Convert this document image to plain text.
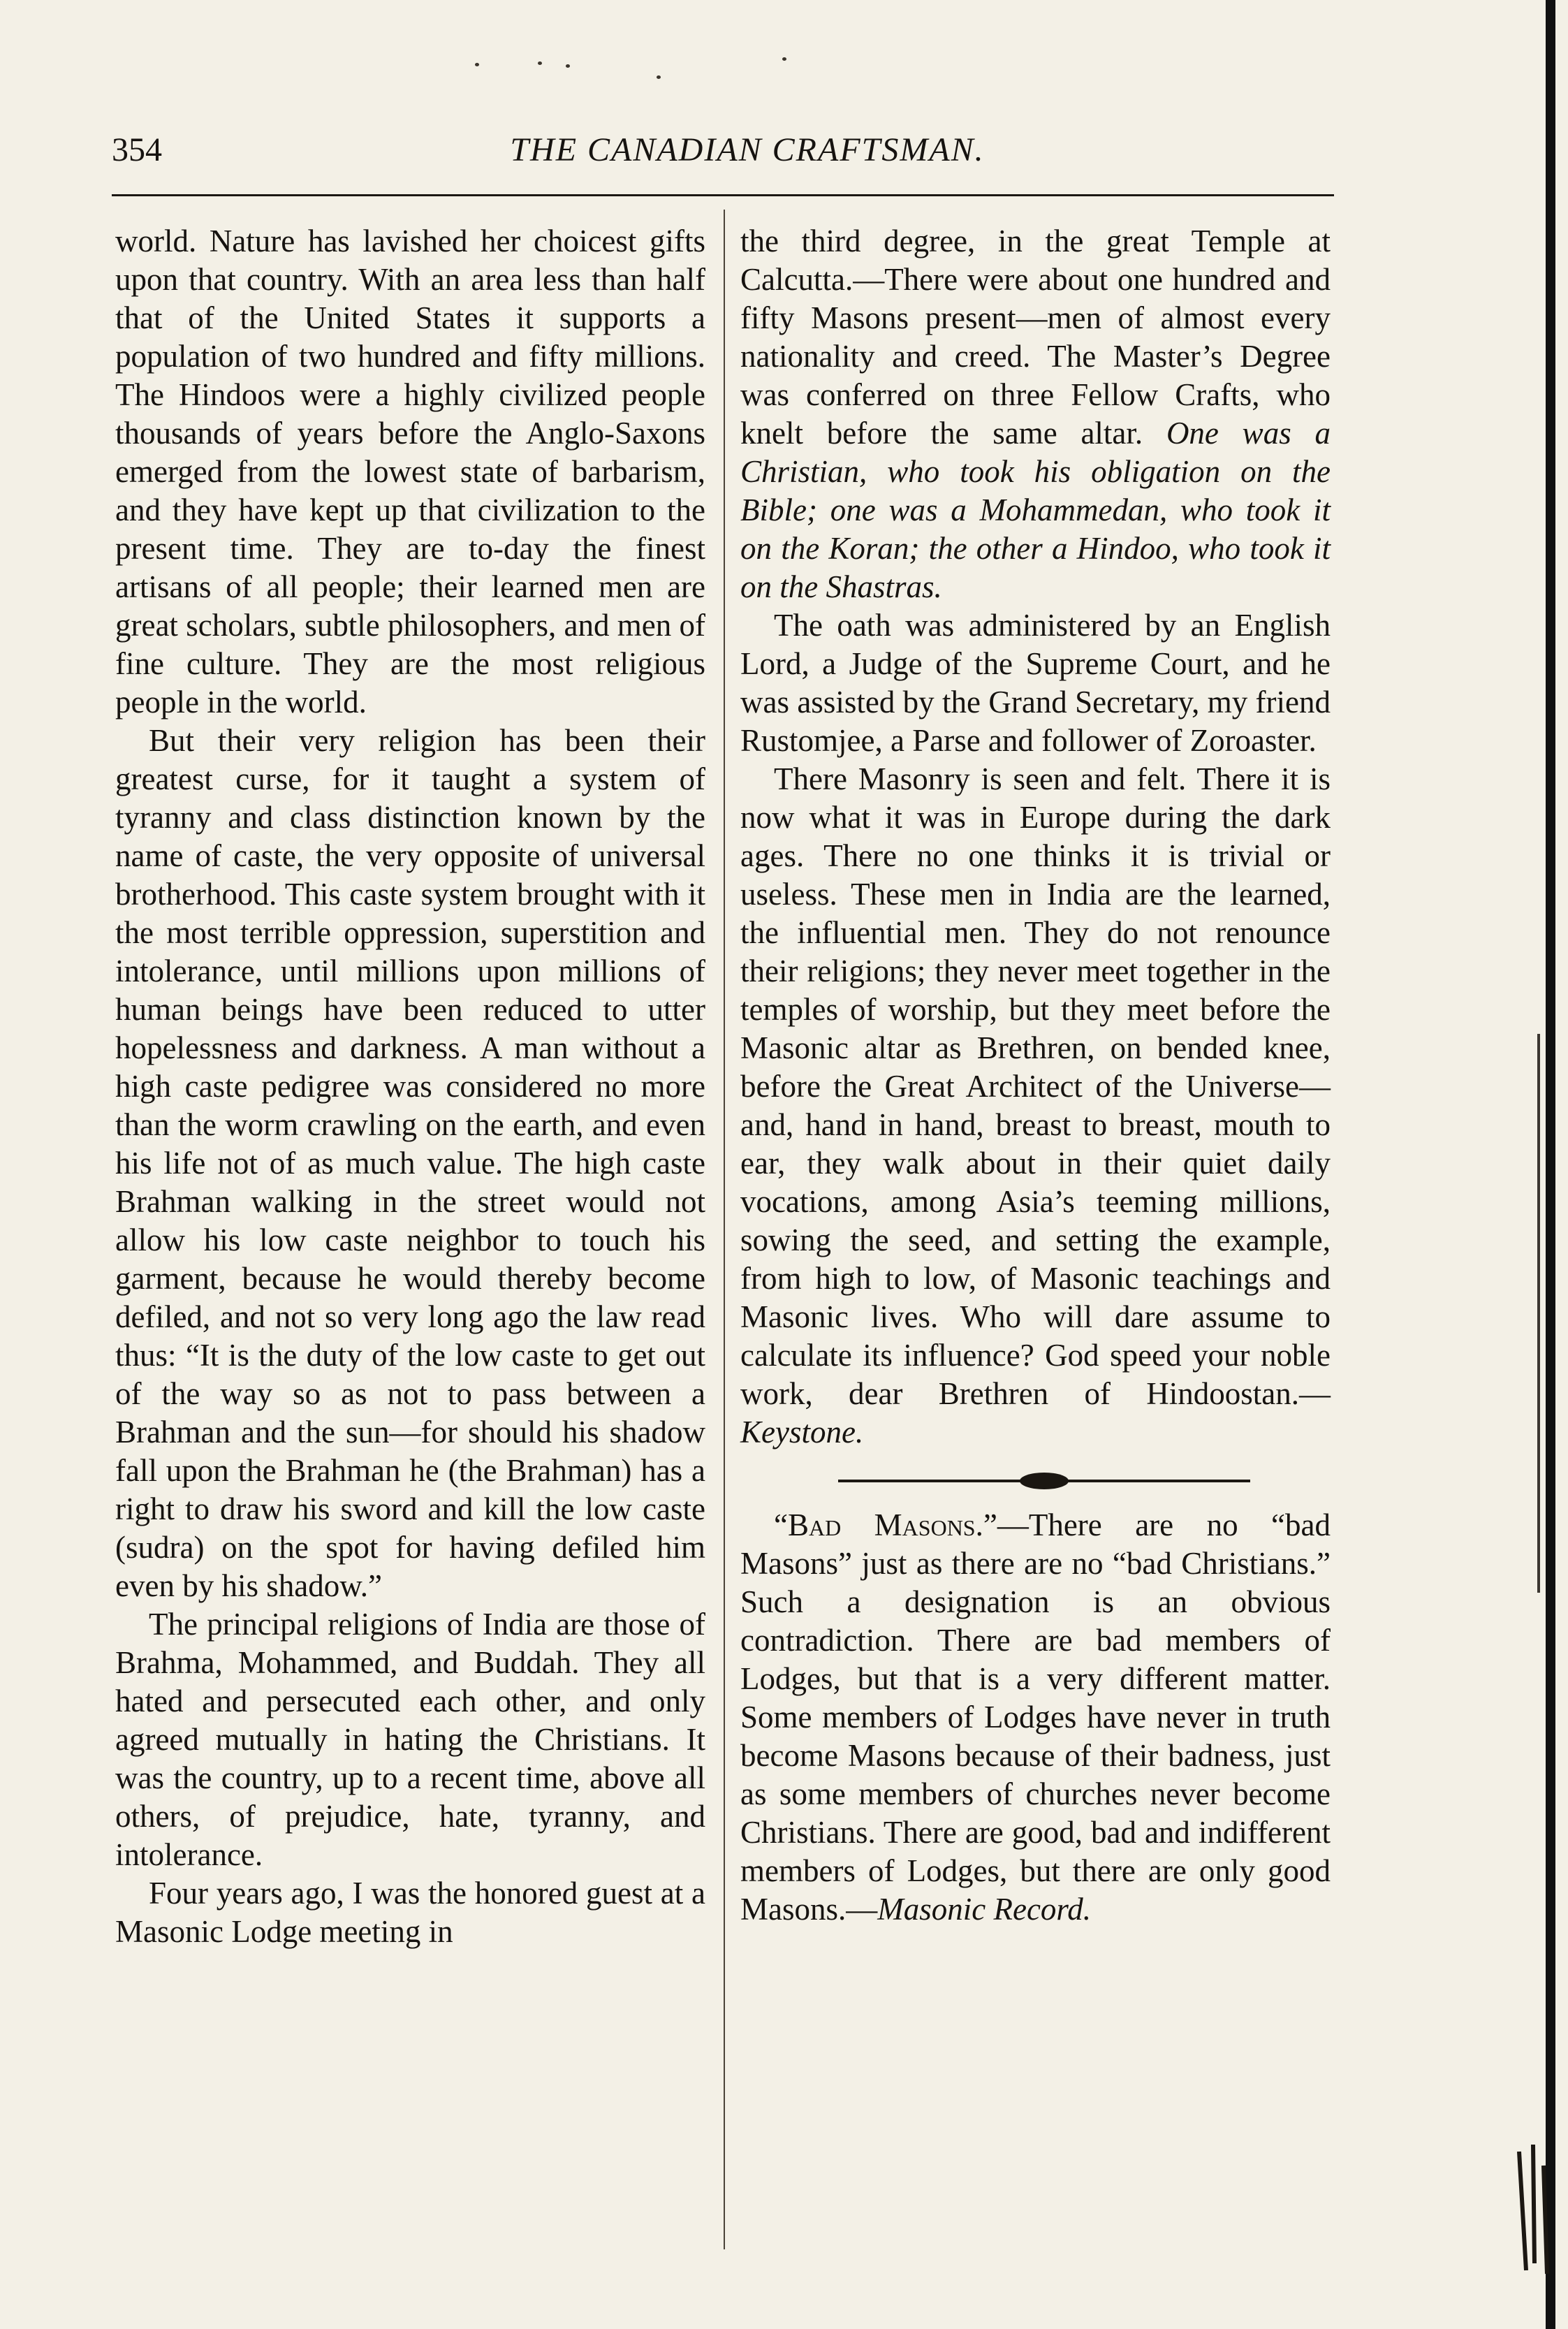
354	THE CANADIAN CRAFTSMAN.

world. Nature has lavished her choicest gifts upon that country. With an area less than half that of the United States it supports a population of two hundred and fifty millions. The Hindoos were a highly civilized people thousands of years before the Anglo-Saxons emerged from the lowest state of barbarism, and they have kept up that civilization to the present time. They are to-day the finest artisans of all people; their learned men are great scholars, subtle philosophers, and men of fine culture. They are the most religious people in the world.

But their very religion has been their greatest curse, for it taught a system of tyranny and class distinction known by the name of caste, the very opposite of universal brotherhood. This caste system brought with it the most terrible oppression, superstition and intolerance, until millions upon millions of human beings have been reduced to utter hopelessness and darkness. A man without a high caste pedigree was considered no more than the worm crawling on the earth, and even his life not of as much value. The high caste Brahman walking in the street would not allow his low caste neighbor to touch his garment, because he would thereby become defiled, and not so very long ago the law read thus: “It is the duty of the low caste to get out of the way so as not to pass between a Brahman and the sun—for should his shadow fall upon the Brahman he (the Brahman) has a right to draw his sword and kill the low caste (sudra) on the spot for having defiled him even by his shadow.”

The principal religions of India are those of Brahma, Mohammed, and Buddah. They all hated and persecuted each other, and only agreed mutually in hating the Christians. It was the country, up to a recent time, above all others, of prejudice, hate, tyranny, and intolerance.

Four years ago, I was the honored guest at a Masonic Lodge meeting in

the third degree, in the great Temple at Calcutta.—There were about one hundred and fifty Masons present—men of almost every nationality and creed. The Master’s Degree was conferred on three Fellow Crafts, who knelt before the same altar. One was a Christian, who took his obligation on the Bible; one was a Mohammedan, who took it on the Koran; the other a Hindoo, who took it on the Shastras.

The oath was administered by an English Lord, a Judge of the Supreme Court, and he was assisted by the Grand Secretary, my friend Rustomjee, a Parse and follower of Zoroaster.

There Masonry is seen and felt. There it is now what it was in Europe during the dark ages. There no one thinks it is trivial or useless. These men in India are the learned, the influential men. They do not renounce their religions; they never meet together in the temples of worship, but they meet before the Masonic altar as Brethren, on bended knee, before the Great Architect of the Universe—and, hand in hand, breast to breast, mouth to ear, they walk about in their quiet daily vocations, among Asia’s teeming millions, sowing the seed, and setting the example, from high to low, of Masonic teachings and Masonic lives. Who will dare assume to calculate its influence? God speed your noble work, dear Brethren of Hindoostan.—Keystone.

“Bad Masons.”—There are no “bad Masons” just as there are no “bad Christians.” Such a designation is an obvious contradiction. There are bad members of Lodges, but that is a very different matter. Some members of Lodges have never in truth become Masons because of their badness, just as some members of churches never become Christians. There are good, bad and indifferent members of Lodges, but there are only good Masons.—Masonic Record.
